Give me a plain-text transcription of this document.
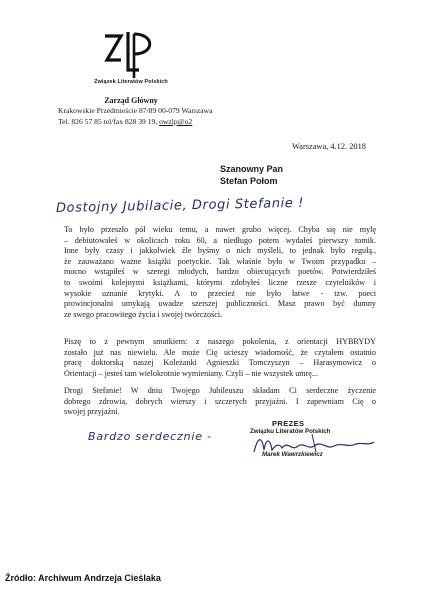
Związek Literatów Polskich
Zarząd Główny
Krakowskie Przedmieście 87/89 00-079 Warszawa
Tel. 826 57 85 tel/fax 828 39 19, owzlp@o2
Warszawa, 4.12. 2018
Szanowny Pan
Stefan Połom
Dostojny Jubilacie, Drogi Stefanie !
To było przeszło pół wieku temu, a nawet grubo więcej. Chyba się nie mylę
– debiutowałeś w okolicach roku 60, a niedługo potem wydałeś pierwszy tomik.
Inne były czasy i jakkolwiek źle byśmy o nich myśleli, to jednak było regułą.,
że zauważano ważne książki poetyckie. Tak właśnie było w Twoim przypadku –
mocno wstąpiłeś w szeregi młodych, bardzo obiecujących poetów. Potwierdziłeś
to swoimi kolejnymi książkami, którymi zdobyłeś liczne rzesze czytelników i
wysokie uznanie krytyki. A to przecież nie było łatwe - tzw. poeci
prowincjonalni umykają uwadze szerszej publiczności. Masz prawo być dumny
ze swego pracowitego życia i swojej twórczości.
Piszę to z pewnym smutkiem: z naszego pokolenia, z orientacji HYBRYDY
zostało już nas niewielu. Ale może Cię ucieszy wiadomość, że czytałem ostatnio
pracę doktorską naszej Koleżanki Agnieszki Tomczyszyn – Harasymowicz o
Orientacji – jesteś tam wielokrotnie wymieniany. Czyli – nie wszystek umrę...
Drogi Stefanie! W dniu Twojego Jubileuszu składam Ci serdeczne życzenie
dobrego zdrowia, dobrych wierszy i szczerych przyjaźni. I zapewniam Cię o
swojej przyjaźni.
Bardzo serdecznie -
PREZES
Związku Literatów Polskich
Marek Wawrzkiewicz
Źródło: Archiwum Andrzeja Cieślaka
